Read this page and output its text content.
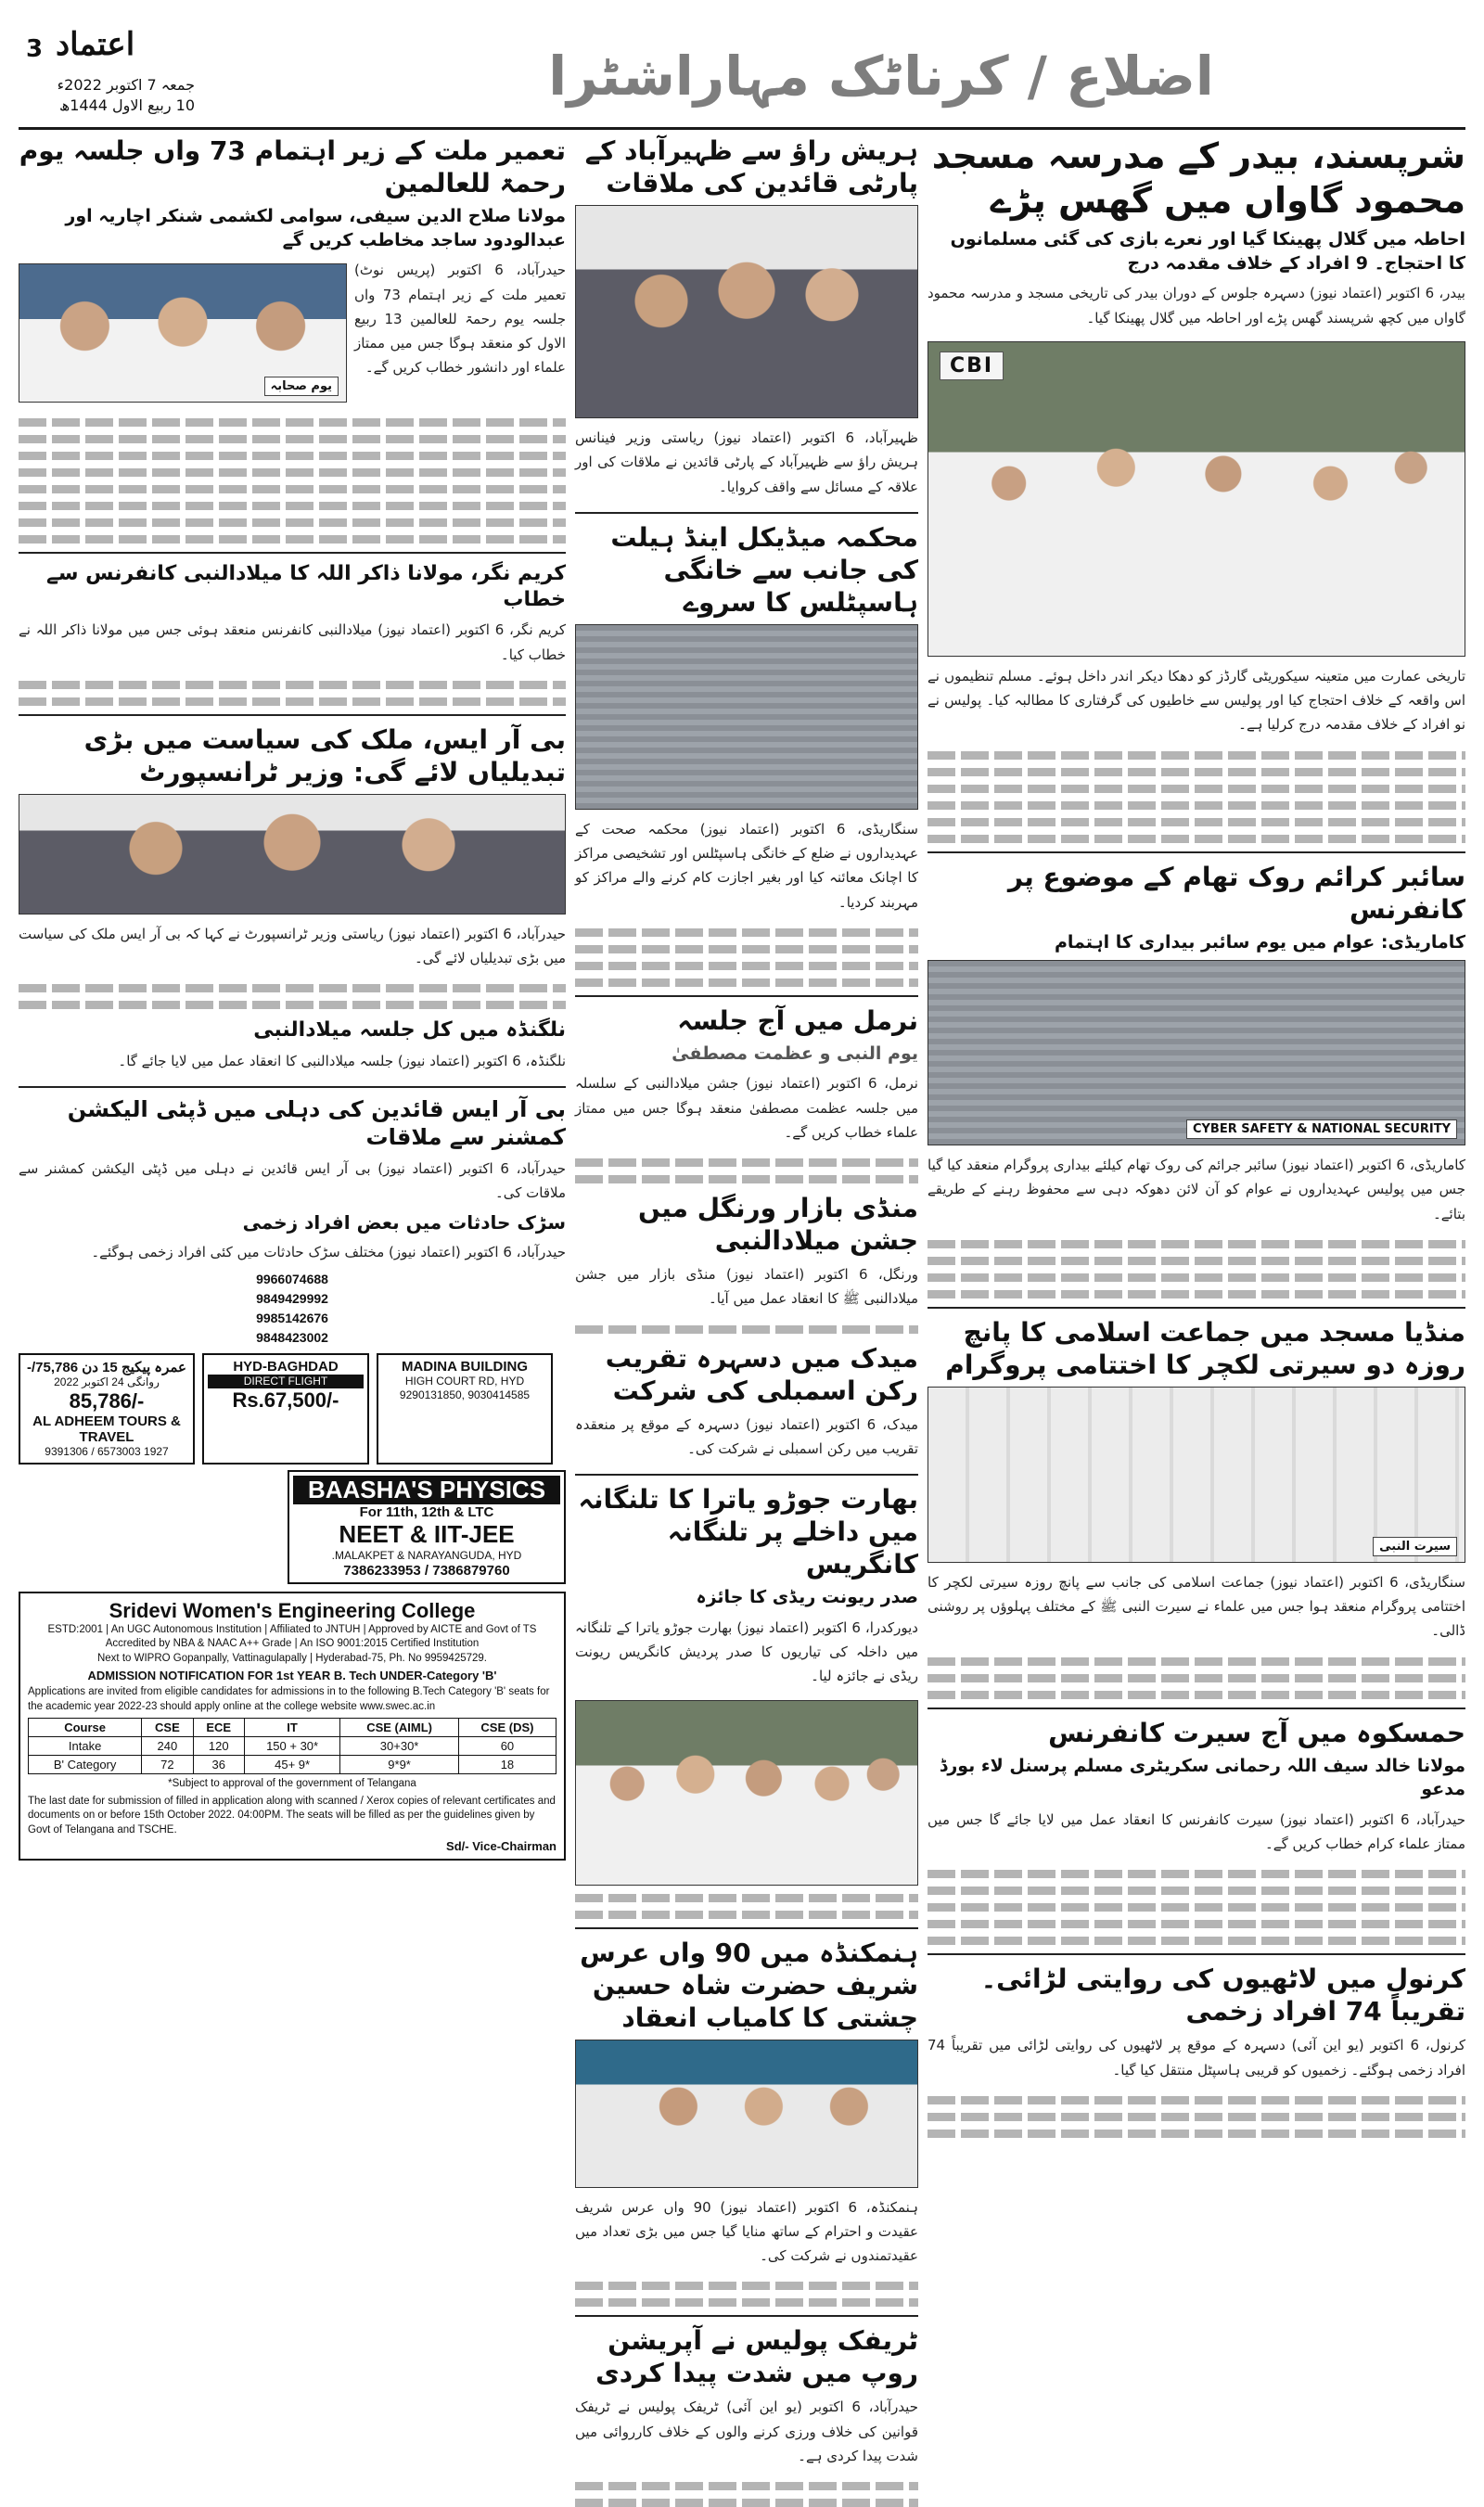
3 اعتماد
جمعہ 7 اکتوبر 2022ء
10 ربیع الاول 1444ھ	اضلاع / کرناٹک مہاراشٹرا
شرپسند، بیدر کے مدرسہ مسجد محمود گاواں میں گھس پڑے
احاطہ میں گلال پھینکا گیا اور نعرے بازی کی گئی مسلمانوں کا احتجاج۔ 9 افراد کے خلاف مقدمہ درج

بیدر، 6 اکتوبر (اعتماد نیوز) دسہرہ جلوس کے دوران بیدر کی تاریخی مسجد و مدرسہ محمود گاواں میں کچھ شرپسند گھس پڑے اور احاطہ میں گلال پھینکا گیا۔

CBI

تاریخی عمارت میں متعینہ سیکوریٹی گارڈز کو دھکا دیکر اندر داخل ہوئے۔ مسلم تنظیموں نے اس واقعہ کے خلاف احتجاج کیا اور پولیس سے خاطیوں کی گرفتاری کا مطالبہ کیا۔ پولیس نے نو افراد کے خلاف مقدمہ درج کرلیا ہے۔

سائبر کرائم روک تھام کے موضوع پر کانفرنس
کاماریڈی: عوام میں یوم سائبر بیداری کا اہتمام
CYBER SAFETY & NATIONAL SECURITY

کاماریڈی، 6 اکتوبر (اعتماد نیوز) سائبر جرائم کی روک تھام کیلئے بیداری پروگرام منعقد کیا گیا جس میں پولیس عہدیداروں نے عوام کو آن لائن دھوکہ دہی سے محفوظ رہنے کے طریقے بتائے۔

منڈیا مسجد میں جماعت اسلامی کا پانچ روزہ دو سیرتی لکچر کا اختتامی پروگرام
سیرت النبی

سنگاریڈی، 6 اکتوبر (اعتماد نیوز) جماعت اسلامی کی جانب سے پانچ روزہ سیرتی لکچر کا اختتامی پروگرام منعقد ہوا جس میں علماء نے سیرت النبی ﷺ کے مختلف پہلوؤں پر روشنی ڈالی۔

حمسکوہ میں آج سیرت کانفرنس
مولانا خالد سیف اللہ رحمانی سکریٹری مسلم پرسنل لاء بورڈ مدعو

حیدرآباد، 6 اکتوبر (اعتماد نیوز) سیرت کانفرنس کا انعقاد عمل میں لایا جائے گا جس میں ممتاز علماء کرام خطاب کریں گے۔

کرنول میں لاٹھیوں کی روایتی لڑائی۔ تقریباً 74 افراد زخمی

کرنول، 6 اکتوبر (یو این آئی) دسہرہ کے موقع پر لاٹھیوں کی روایتی لڑائی میں تقریباً 74 افراد زخمی ہوگئے۔ زخمیوں کو قریبی ہاسپٹل منتقل کیا گیا۔

ہریش راؤ سے ظہیرآباد کے پارٹی قائدین کی ملاقات

ظہیرآباد، 6 اکتوبر (اعتماد نیوز) ریاستی وزیر فینانس ہریش راؤ سے ظہیرآباد کے پارٹی قائدین نے ملاقات کی اور علاقہ کے مسائل سے واقف کروایا۔

محکمہ میڈیکل اینڈ ہیلت کی جانب سے خانگی ہاسپٹلس کا سروے

سنگاریڈی، 6 اکتوبر (اعتماد نیوز) محکمہ صحت کے عہدیداروں نے ضلع کے خانگی ہاسپٹلس اور تشخیصی مراکز کا اچانک معائنہ کیا اور بغیر اجازت کام کرنے والے مراکز کو مہربند کردیا۔

نرمل میں آج جلسہ
یوم النبی و عظمت مصطفیٰ

نرمل، 6 اکتوبر (اعتماد نیوز) جشن میلادالنبی کے سلسلہ میں جلسہ عظمت مصطفیٰ منعقد ہوگا جس میں ممتاز علماء خطاب کریں گے۔

منڈی بازار ورنگل میں جشن میلادالنبی

ورنگل، 6 اکتوبر (اعتماد نیوز) منڈی بازار میں جشن میلادالنبی ﷺ کا انعقاد عمل میں آیا۔

میدک میں دسہرہ تقریب رکن اسمبلی کی شرکت

میدک، 6 اکتوبر (اعتماد نیوز) دسہرہ کے موقع پر منعقدہ تقریب میں رکن اسمبلی نے شرکت کی۔

بھارت جوڑو یاترا کا تلنگانہ میں داخلے پر تلنگانہ کانگریس
صدر ریونت ریڈی کا جائزہ

دیورکدرا، 6 اکتوبر (اعتماد نیوز) بھارت جوڑو یاترا کے تلنگانہ میں داخلہ کی تیاریوں کا صدر پردیش کانگریس ریونت ریڈی نے جائزہ لیا۔

ہنمکنڈہ میں 90 واں عرس شریف حضرت شاہ حسین چشتی کا کامیاب انعقاد

ہنمکنڈہ، 6 اکتوبر (اعتماد نیوز) 90 واں عرس شریف عقیدت و احترام کے ساتھ منایا گیا جس میں بڑی تعداد میں عقیدتمندوں نے شرکت کی۔

ٹریفک پولیس نے آپریشن روپ میں شدت پیدا کردی

حیدرآباد، 6 اکتوبر (یو این آئی) ٹریفک پولیس نے ٹریفک قوانین کی خلاف ورزی کرنے والوں کے خلاف کارروائی میں شدت پیدا کردی ہے۔

تعمیر ملت کے زیر اہتمام 73 واں جلسہ یوم رحمۃ للعالمین
مولانا صلاح الدین سیفی، سوامی لکشمی شنکر اچاریہ اور عبدالودود ساجد مخاطب کریں گے
یوم صحابہ

حیدرآباد، 6 اکتوبر (پریس نوٹ) تعمیر ملت کے زیر اہتمام 73 واں جلسہ یوم رحمۃ للعالمین 13 ربیع الاول کو منعقد ہوگا جس میں ممتاز علماء اور دانشور خطاب کریں گے۔

کریم نگر، مولانا ذاکر اللہ کا میلادالنبی کانفرنس سے خطاب

کریم نگر، 6 اکتوبر (اعتماد نیوز) میلادالنبی کانفرنس منعقد ہوئی جس میں مولانا ذاکر اللہ نے خطاب کیا۔

بی آر ایس، ملک کی سیاست میں بڑی تبدیلیاں لائے گی: وزیر ٹرانسپورٹ

حیدرآباد، 6 اکتوبر (اعتماد نیوز) ریاستی وزیر ٹرانسپورٹ نے کہا کہ بی آر ایس ملک کی سیاست میں بڑی تبدیلیاں لائے گی۔

نلگنڈہ میں کل جلسہ میلادالنبی

نلگنڈہ، 6 اکتوبر (اعتماد نیوز) جلسہ میلادالنبی کا انعقاد عمل میں لایا جائے گا۔

بی آر ایس قائدین کی دہلی میں ڈپٹی الیکشن کمشنر سے ملاقات

حیدرآباد، 6 اکتوبر (اعتماد نیوز) بی آر ایس قائدین نے دہلی میں ڈپٹی الیکشن کمشنر سے ملاقات کی۔

سڑک حادثات میں بعض افراد زخمی

حیدرآباد، 6 اکتوبر (اعتماد نیوز) مختلف سڑک حادثات میں کئی افراد زخمی ہوگئے۔

9966074688
9849429992
9985142676
9848423002
عمرہ پیکیج 15 دن 75,786/-
روانگی 24 اکتوبر 2022
85,786/-
AL ADHEEM TOURS & TRAVEL
9391306 / 6573003 1927
HYD-BAGHDAD
DIRECT FLIGHT
Rs.67,500/-
MADINA BUILDING
HIGH COURT RD, HYD
9290131850, 9030414585
BAASHA'S PHYSICS
For 11th, 12th & LTC
NEET & IIT-JEE
MALAKPET & NARAYANGUDA, HYD.
7386879760 / 7386233953
Sridevi Women's Engineering College
ESTD:2001 | An UGC Autonomous Institution | Affiliated to JNTUH | Approved by AICTE and Govt of TS
Accredited by NBA & NAAC A++ Grade | An ISO 9001:2015 Certified Institution
Next to WIPRO Gopanpally, Vattinagulapally | Hyderabad-75, Ph. No 9959425729.
ADMISSION NOTIFICATION FOR 1st YEAR B. Tech UNDER-Category 'B'
Applications are invited from eligible candidates for admissions in to the following B.Tech Category 'B' seats for the academic year 2022-23 should apply online at the college website www.swec.ac.in
Course	CSE	ECE	IT	CSE (AIML)	CSE (DS)
Intake	240	120	150 + 30*	30+30*	60
B' Category	72	36	45+ 9*	9*9*	18
*Subject to approval of the government of Telangana
The last date for submission of filled in application along with scanned / Xerox copies of relevant certificates and documents on or before 15th October 2022. 04:00PM. The seats will be filled as per the guidelines given by Govt of Telangana and TSCHE.
Sd/- Vice-Chairman
